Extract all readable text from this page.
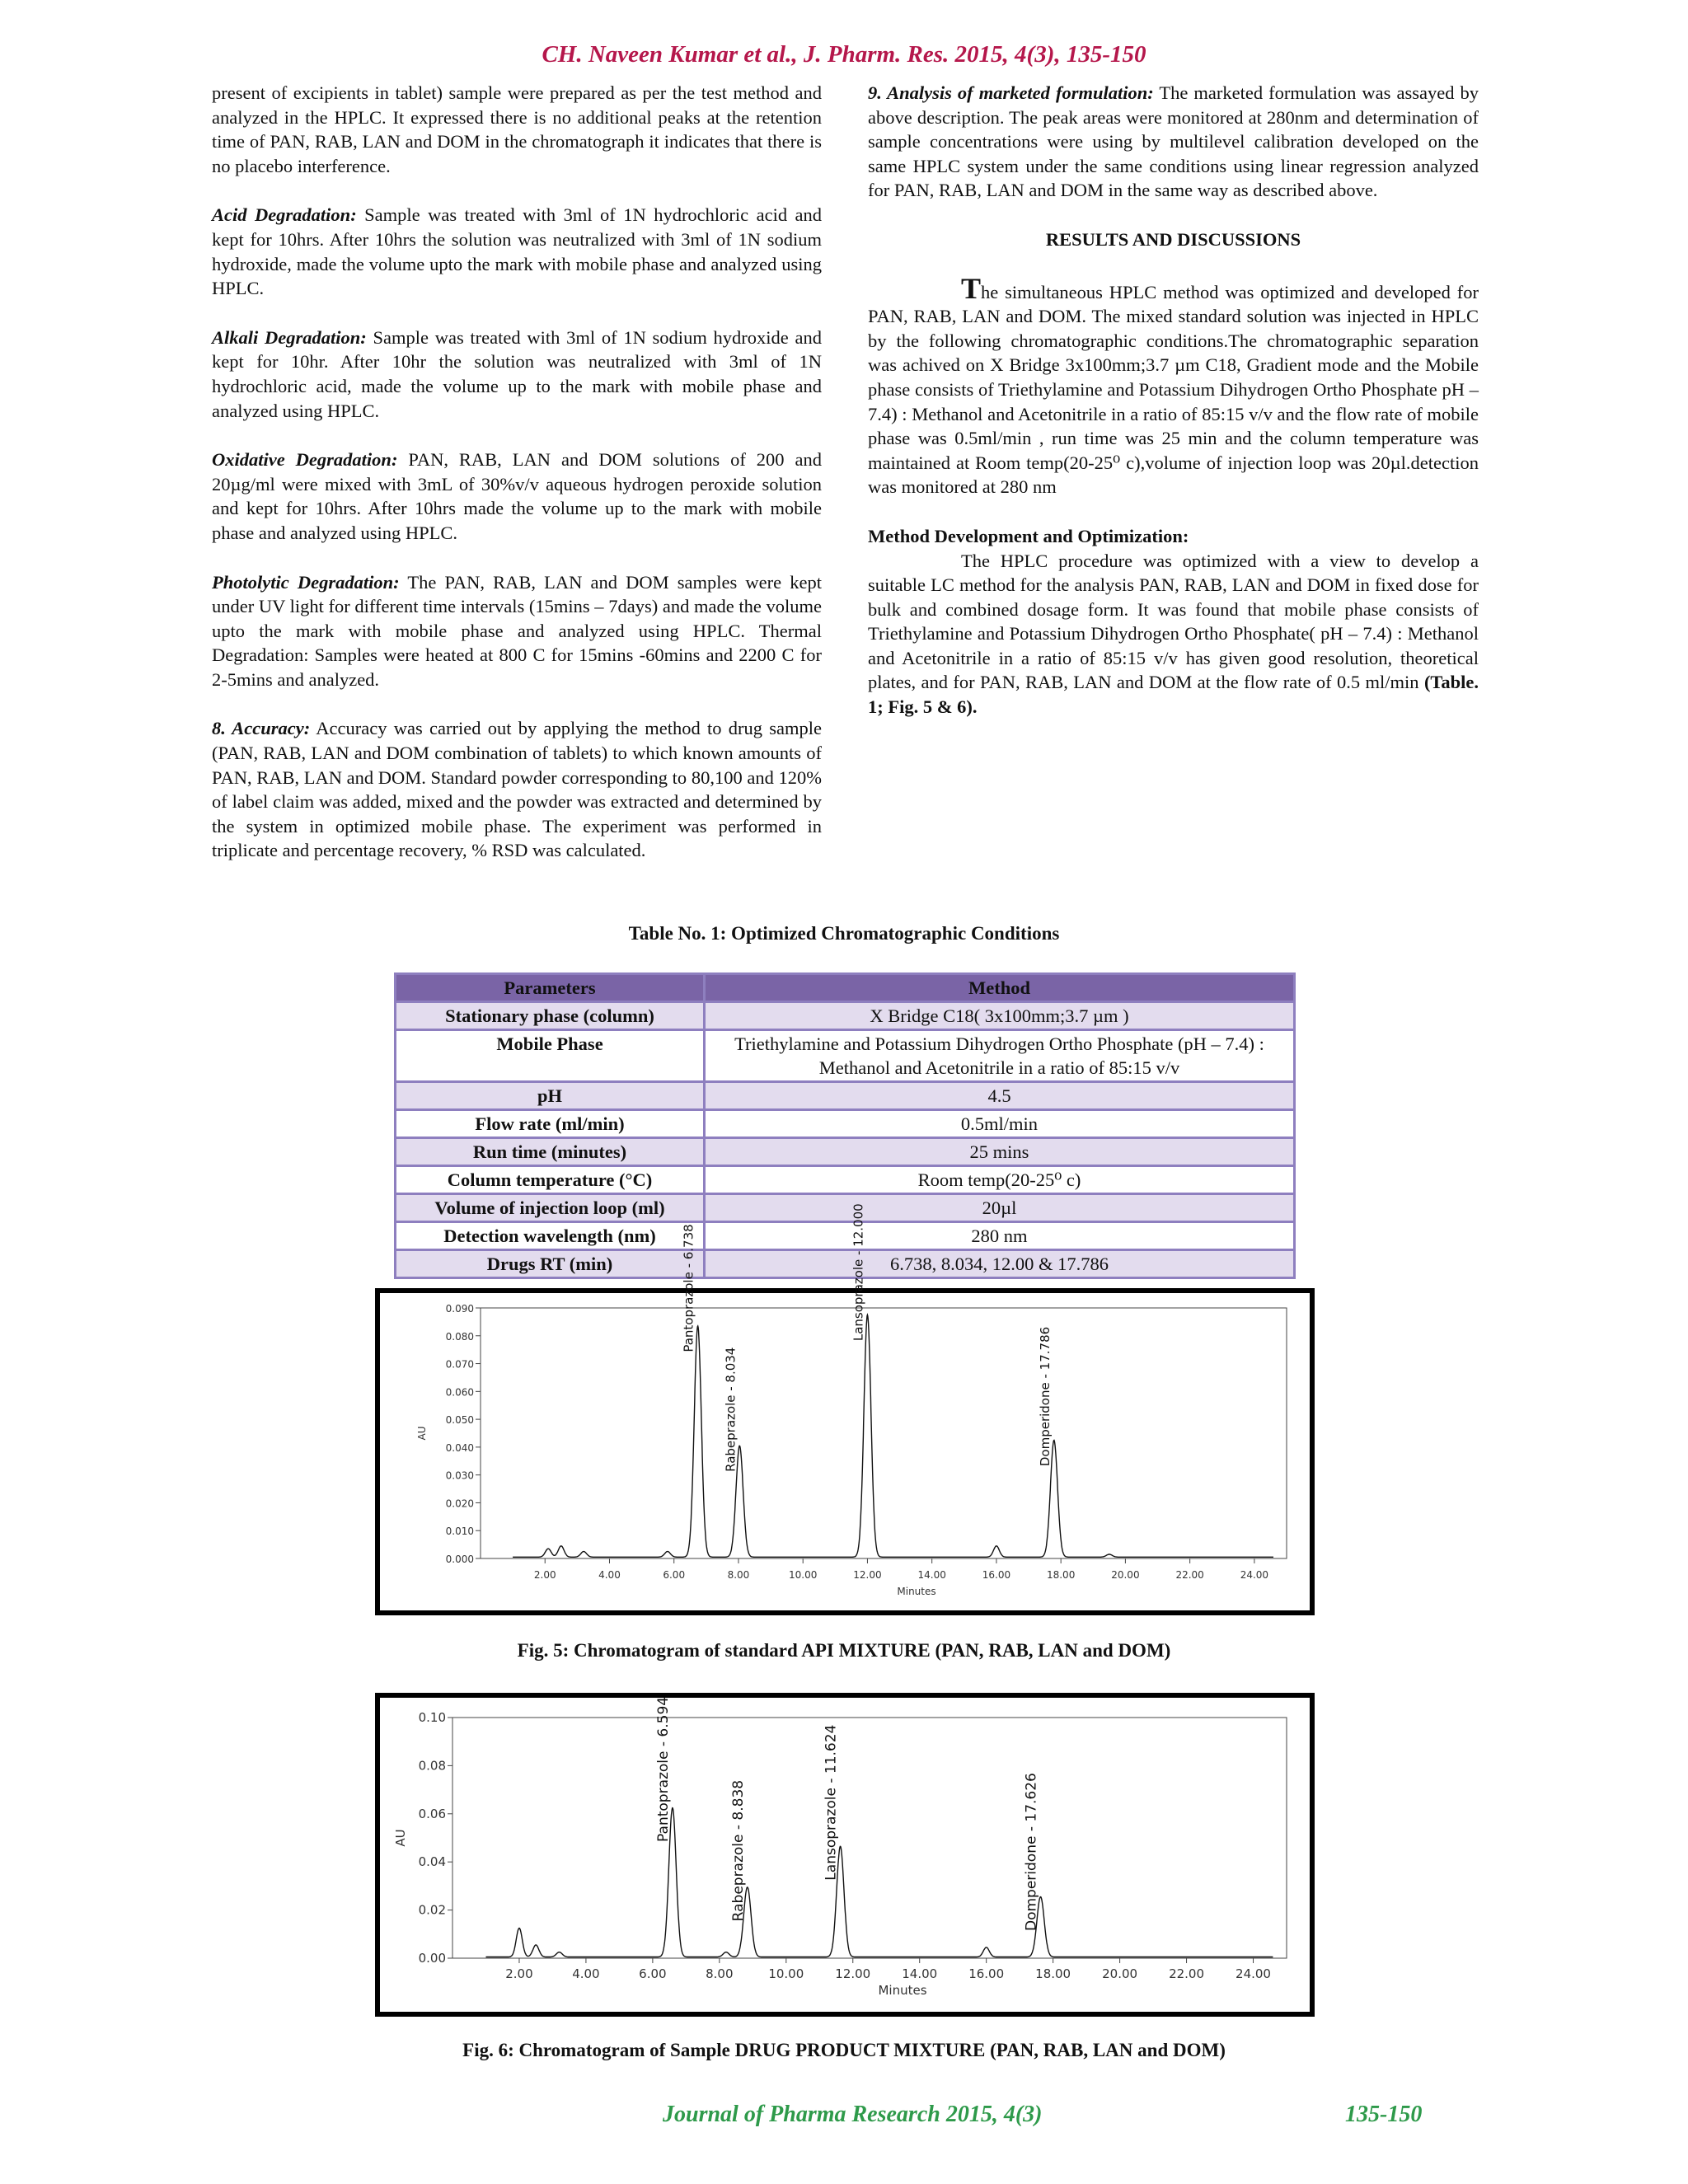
CH. Naveen Kumar et al., J. Pharm. Res. 2015, 4(3), 135-150

present of excipients in tablet) sample were prepared as per the test method and analyzed in the HPLC. It expressed there is no additional peaks at the retention time of PAN, RAB, LAN and DOM in the chromatograph it indicates that there is no placebo interference.

Acid Degradation: Sample was treated with 3ml of 1N hydrochloric acid and kept for 10hrs. After 10hrs the solution was neutralized with 3ml of 1N sodium hydroxide, made the volume upto the mark with mobile phase and analyzed using HPLC.

Alkali Degradation: Sample was treated with 3ml of 1N sodium hydroxide and kept for 10hr. After 10hr the solution was neutralized with 3ml of 1N hydrochloric acid, made the volume up to the mark with mobile phase and analyzed using HPLC.

Oxidative Degradation: PAN, RAB, LAN and DOM solutions of 200 and 20µg/ml were mixed with 3mL of 30%v/v aqueous hydrogen peroxide solution and kept for 10hrs. After 10hrs made the volume up to the mark with mobile phase and analyzed using HPLC.

Photolytic Degradation: The PAN, RAB, LAN and DOM samples were kept under UV light for different time intervals (15mins – 7days) and made the volume upto the mark with mobile phase and analyzed using HPLC. Thermal Degradation: Samples were heated at 800 C for 15mins -60mins and 2200 C for 2-5mins and analyzed.

8. Accuracy: Accuracy was carried out by applying the method to drug sample (PAN, RAB, LAN and DOM combination of tablets) to which known amounts of PAN, RAB, LAN and DOM. Standard powder corresponding to 80,100 and 120% of label claim was added, mixed and the powder was extracted and determined by the system in optimized mobile phase. The experiment was performed in triplicate and percentage recovery, % RSD was calculated.

9. Analysis of marketed formulation: The marketed formulation was assayed by above description. The peak areas were monitored at 280nm and determination of sample concentrations were using by multilevel calibration developed on the same HPLC system under the same conditions using linear regression analyzed for PAN, RAB, LAN and DOM in the same way as described above.

RESULTS AND DISCUSSIONS

The simultaneous HPLC method was optimized and developed for PAN, RAB, LAN and DOM. The mixed standard solution was injected in HPLC by the following chromatographic conditions.The chromatographic separation was achived on X Bridge 3x100mm;3.7 µm C18, Gradient mode and the Mobile phase consists of Triethylamine and Potassium Dihydrogen Ortho Phosphate pH – 7.4) : Methanol and Acetonitrile in a ratio of 85:15 v/v and the flow rate of mobile phase was 0.5ml/min , run time was 25 min and the column temperature was maintained at Room temp(20-25⁰ c),volume of injection loop was 20µl.detection was monitored at 280 nm

Method Development and Optimization:

The HPLC procedure was optimized with a view to develop a suitable LC method for the analysis PAN, RAB, LAN and DOM in fixed dose for bulk and combined dosage form. It was found that mobile phase consists of Triethylamine and Potassium Dihydrogen Ortho Phosphate( pH – 7.4) : Methanol and Acetonitrile in a ratio of 85:15 v/v has given good resolution, theoretical plates, and for PAN, RAB, LAN and DOM at the flow rate of 0.5 ml/min (Table. 1; Fig. 5 & 6).

Table No. 1: Optimized Chromatographic Conditions
Parameters	Method
Stationary phase (column)	X Bridge C18( 3x100mm;3.7 µm )
Mobile Phase	Triethylamine and Potassium Dihydrogen Ortho Phosphate (pH – 7.4) : Methanol and Acetonitrile in a ratio of 85:15 v/v
pH	4.5
Flow rate (ml/min)	0.5ml/min
Run time (minutes)	25 mins
Column temperature (°C)	Room temp(20-25⁰ c)
Volume of injection loop (ml)	20µl
Detection wavelength (nm)	280 nm
Drugs RT (min)	6.738, 8.034, 12.00 & 17.786
0.000
0.010
0.020
0.030
0.040
0.050
0.060
0.070
0.080
0.090
2.00	4.00	6.00	8.00	10.00	12.00	14.00	16.00	18.00	20.00	22.00	24.00
Minutes
AU
Pantoprazole - 6.738
Rabeprazole - 8.034
Lansoprazole - 12.000
Domperidone - 17.786
Fig. 5: Chromatogram of standard API MIXTURE (PAN, RAB, LAN and DOM)
0.00
0.02
0.04
0.06
0.08
0.10
2.00	4.00	6.00	8.00	10.00	12.00	14.00	16.00	18.00	20.00	22.00	24.00
Minutes
AU	Pantoprazole - 6.594
Rabeprazole - 8.838	Lansoprazole - 11.624	Domperidone - 17.626
Fig. 6: Chromatogram of Sample DRUG PRODUCT MIXTURE (PAN, RAB, LAN and DOM)
Journal of Pharma Research 2015, 4(3)	135-150
